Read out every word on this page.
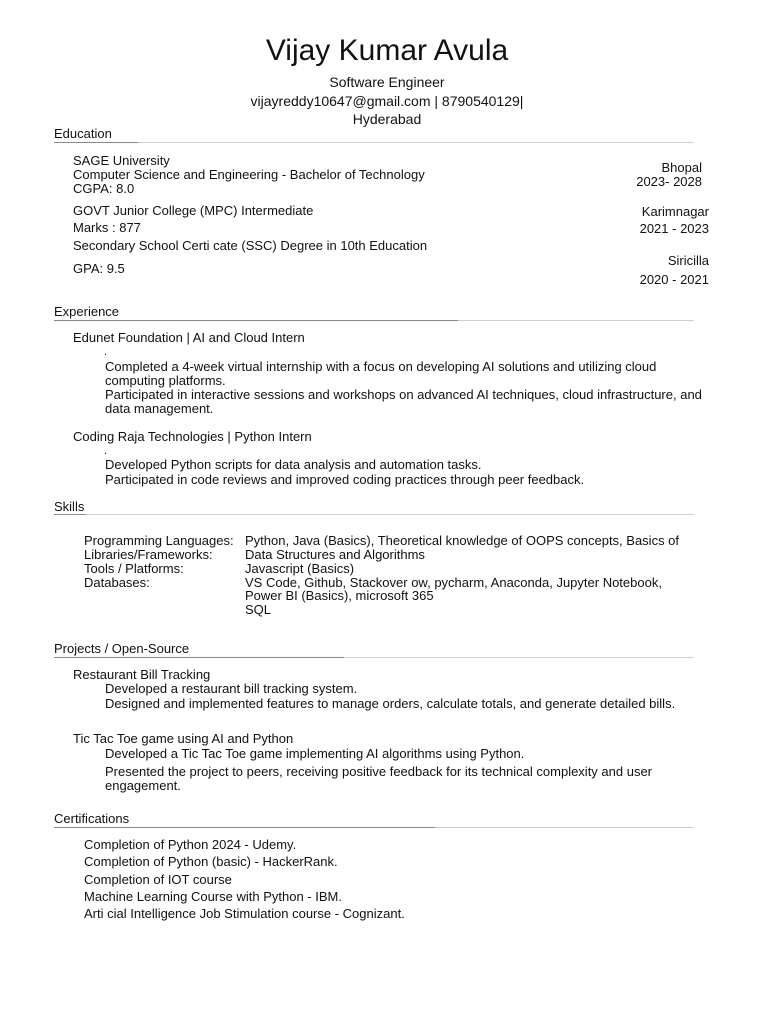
Vijay Kumar Avula
Software Engineer
vijayreddy10647@gmail.com | 8790540129|
Hyderabad
Education
SAGE University
Computer Science and Engineering - Bachelor of Technology
CGPA: 8.0
Bhopal
2023- 2028
GOVT Junior College (MPC) Intermediate
Marks : 877
Karimnagar
2021 - 2023
Secondary School Certi cate (SSC) Degree in 10th Education
GPA: 9.5
Siricilla
2020 - 2021
Experience
Edunet Foundation | AI and Cloud Intern
.
Completed a 4-week virtual internship with a focus on developing AI solutions and utilizing cloud
computing platforms.
Participated in interactive sessions and workshops on advanced AI techniques, cloud infrastructure, and
data management.
Coding Raja Technologies | Python Intern
.
Developed Python scripts for data analysis and automation tasks.
Participated in code reviews and improved coding practices through peer feedback.
Skills
Programming Languages:
Libraries/Frameworks:
Tools / Platforms:
Databases:
Python, Java (Basics), Theoretical knowledge of OOPS concepts, Basics of
Data Structures and Algorithms
Javascript (Basics)
VS Code, Github, Stackover ow, pycharm, Anaconda, Jupyter Notebook,
Power BI (Basics), microsoft 365
SQL
Projects / Open-Source
Restaurant Bill Tracking
Developed a restaurant bill tracking system.
Designed and implemented features to manage orders, calculate totals, and generate detailed bills.
Tic Tac Toe game using AI and Python
Developed a Tic Tac Toe game implementing AI algorithms using Python.
Presented the project to peers, receiving positive feedback for its technical complexity and user
engagement.
Certifications
Completion of Python 2024 - Udemy.
Completion of Python (basic) - HackerRank.
Completion of IOT course
Machine Learning Course with Python - IBM.
Arti cial Intelligence Job Stimulation course - Cognizant.
